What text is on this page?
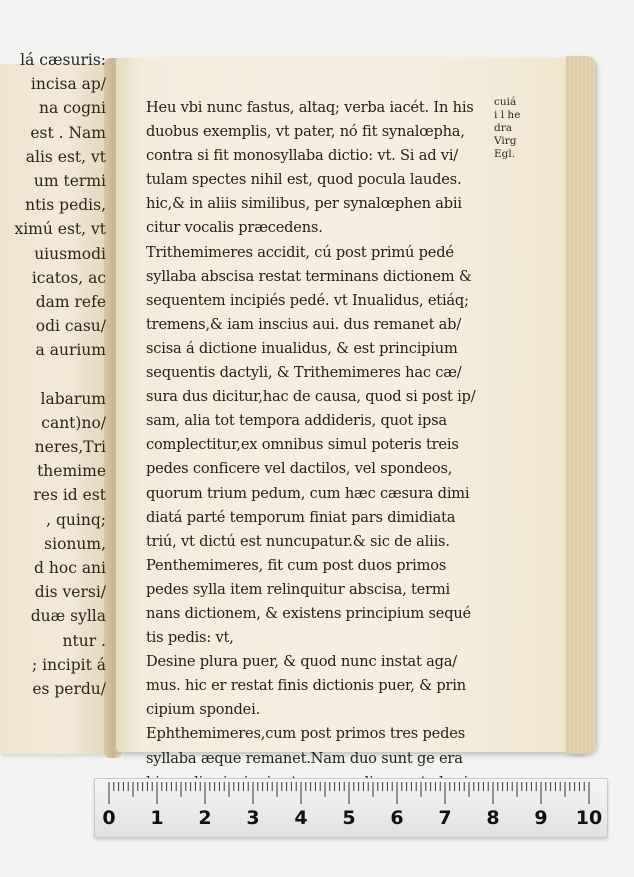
lá cæsuris:
incisa ap/
na cogni
est . Nam
alis est, vt
um termi
ntis pedis,
ximú est, vt
uiusmodi
icatos, ac
dam refe
odi casu/
a aurium
labarum
cant)no/
neres,Tri
themime
res id est
, quinq;
sionum,
d hoc ani
dis versi/
duæ sylla
ntur .
; incipit á
es perdu/
Heu vbi nunc fastus, altaq; verba iacét. In his
duobus exemplis, vt pater, nó fit synalœpha,
contra si fit monosyllaba dictio: vt. Si ad vi/
tulam spectes nihil est, quod pocula laudes.
hic,& in aliis similibus, per synalœphen abii
citur vocalis præcedens.
Trithemimeres accidit, cú post primú pedé
syllaba abscisa restat terminans dictionem &
sequentem incipiés pedé. vt Inualidus, etiáq;
tremens,& iam inscius aui. dus remanet ab/
scisa á dictione inualidus, & est principium
sequentis dactyli, & Trithemimeres hac cæ/
sura dus dicitur,hac de causa, quod si post ip/
sam, alia tot tempora addideris, quot ipsa
complectitur,ex omnibus simul poteris treis
pedes conficere vel dactilos, vel spondeos,
quorum trium pedum, cum hæc cæsura dimi
diatá parté temporum finiat pars dimidiata
triú, vt dictú est nuncupatur.& sic de aliis.
Penthemimeres, fit cum post duos primos
pedes sylla item relinquitur abscisa, termi
nans dictionem, & existens principium sequé
tis pedis: vt,
Desine plura puer, & quod nunc instat aga/
mus. hic er restat finis dictionis puer, & prin
cipium spondei.
Ephthemimeres,cum post primos tres pedes
syllaba æque remanet.Nam duo sunt ge era
cuiá
i l he
dra
Virg
Egl.
0 1 2 3 4 5 6 7 8 9 10
